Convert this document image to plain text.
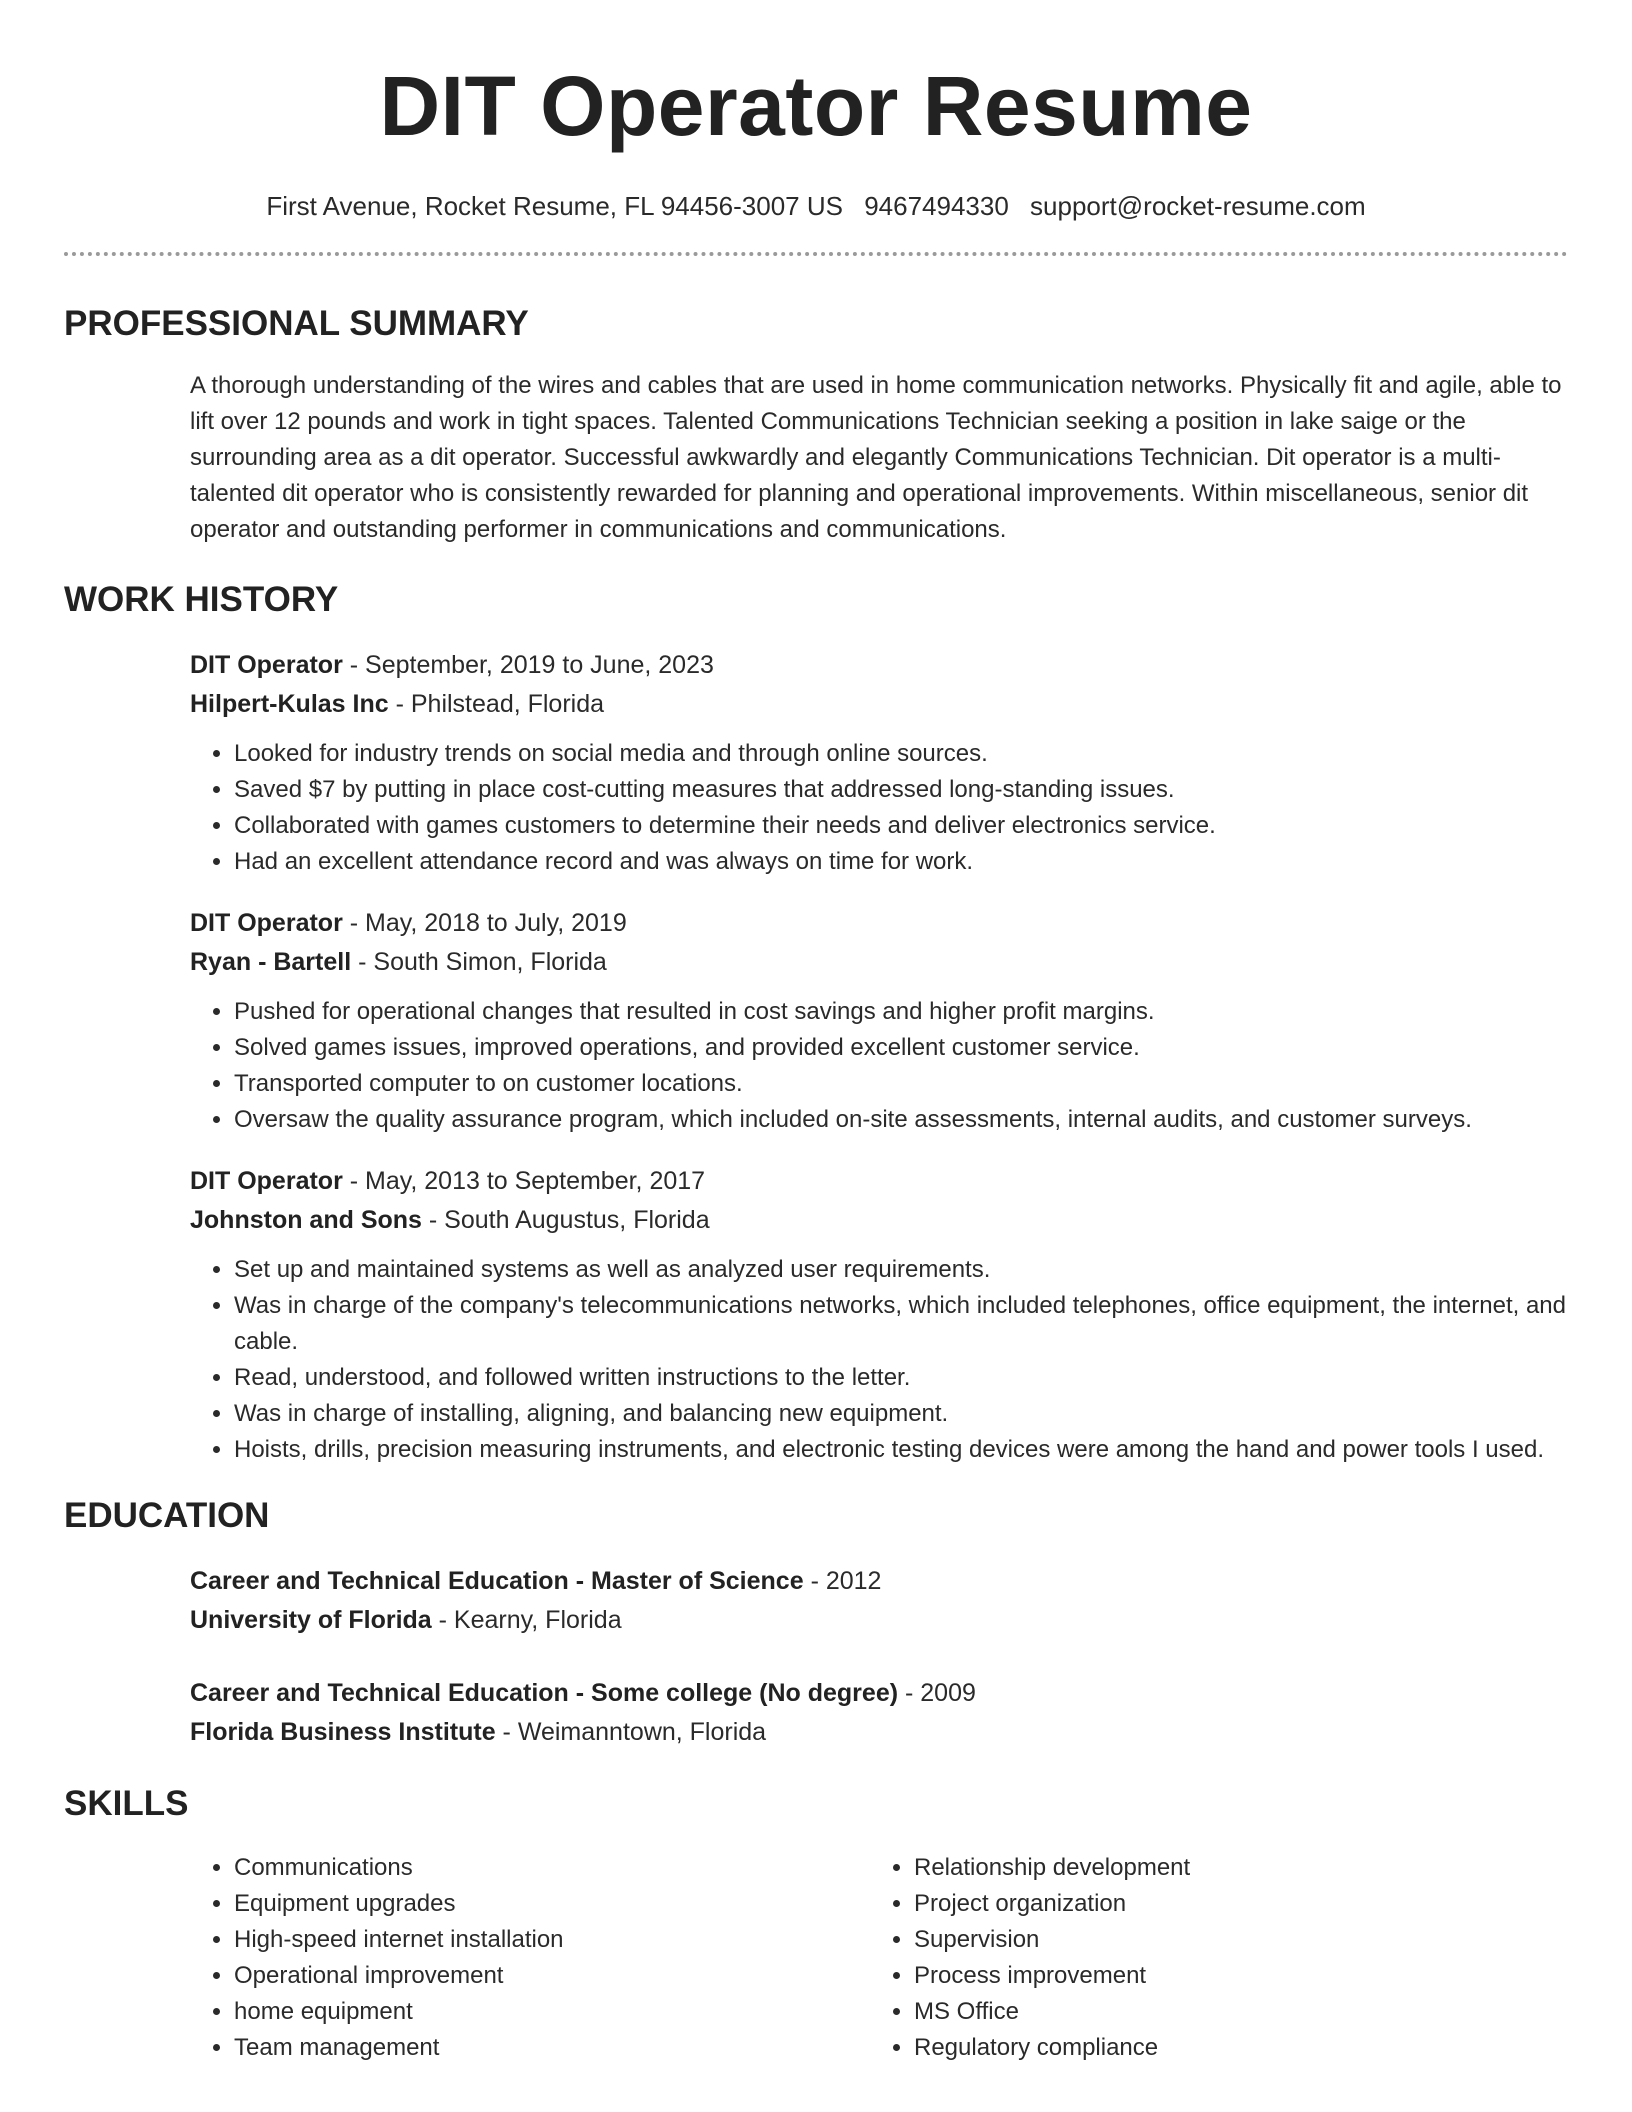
DIT Operator Resume
First Avenue, Rocket Resume, FL 94456-3007 US 9467494330 support@rocket-resume.com
PROFESSIONAL SUMMARY
A thorough understanding of the wires and cables that are used in home communication networks. Physically fit and agile, able to lift over 12 pounds and work in tight spaces. Talented Communications Technician seeking a position in lake saige or the surrounding area as a dit operator. Successful awkwardly and elegantly Communications Technician. Dit operator is a multi-talented dit operator who is consistently rewarded for planning and operational improvements. Within miscellaneous, senior dit operator and outstanding performer in communications and communications.
WORK HISTORY
DIT Operator - September, 2019 to June, 2023
Hilpert-Kulas Inc - Philstead, Florida
• Looked for industry trends on social media and through online sources.
• Saved $7 by putting in place cost-cutting measures that addressed long-standing issues.
• Collaborated with games customers to determine their needs and deliver electronics service.
• Had an excellent attendance record and was always on time for work.
DIT Operator - May, 2018 to July, 2019
Ryan - Bartell - South Simon, Florida
• Pushed for operational changes that resulted in cost savings and higher profit margins.
• Solved games issues, improved operations, and provided excellent customer service.
• Transported computer to on customer locations.
• Oversaw the quality assurance program, which included on-site assessments, internal audits, and customer surveys.
DIT Operator - May, 2013 to September, 2017
Johnston and Sons - South Augustus, Florida
• Set up and maintained systems as well as analyzed user requirements.
• Was in charge of the company's telecommunications networks, which included telephones, office equipment, the internet, and cable.
• Read, understood, and followed written instructions to the letter.
• Was in charge of installing, aligning, and balancing new equipment.
• Hoists, drills, precision measuring instruments, and electronic testing devices were among the hand and power tools I used.
EDUCATION
Career and Technical Education - Master of Science - 2012
University of Florida - Kearny, Florida
Career and Technical Education - Some college (No degree) - 2009
Florida Business Institute - Weimanntown, Florida
SKILLS
• Communications
• Equipment upgrades
• High-speed internet installation
• Operational improvement
• home equipment
• Team management
• Relationship development
• Project organization
• Supervision
• Process improvement
• MS Office
• Regulatory compliance
